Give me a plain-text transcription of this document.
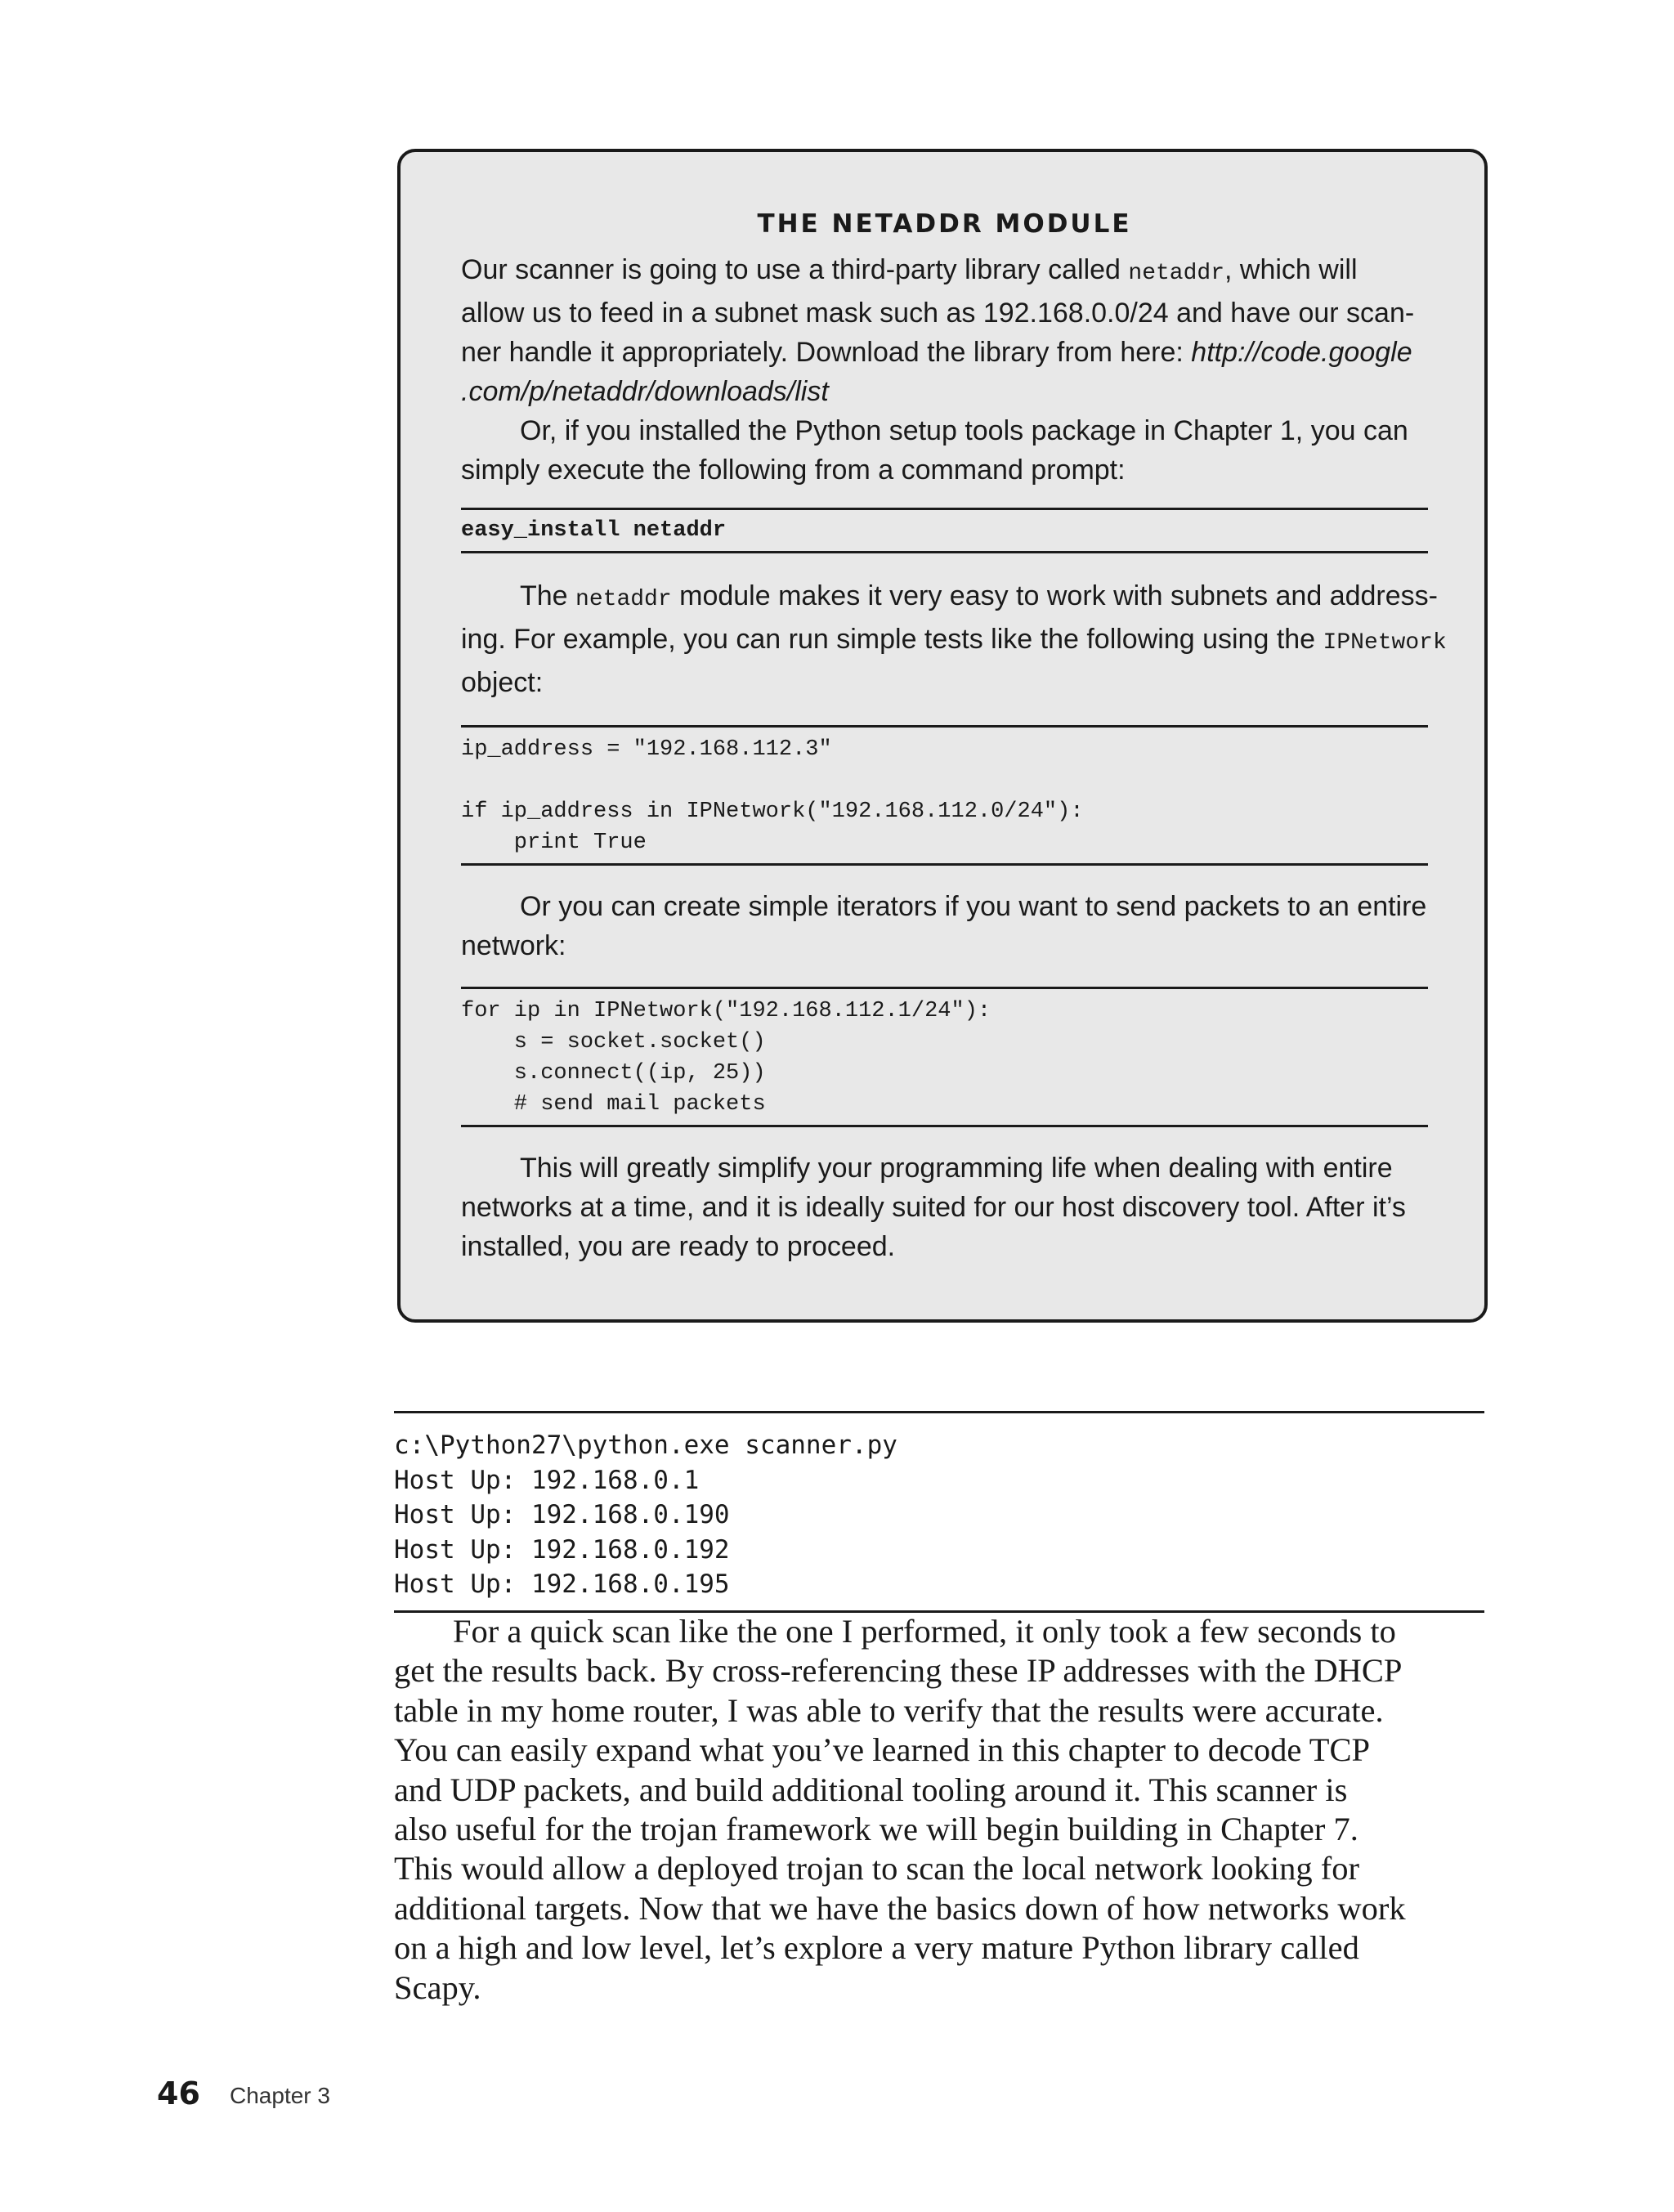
THE NETADDR MODULE

Our scanner is going to use a third-party library called netaddr, which will

allow us to feed in a subnet mask such as 192.168.0.0/24 and have our scan-

ner handle it appropriately. Download the library from here: http://code.google

.com/p/netaddr/downloads/list

Or, if you installed the Python setup tools package in Chapter 1, you can

simply execute the following from a command prompt:

easy_install netaddr

The netaddr module makes it very easy to work with subnets and address-

ing. For example, you can run simple tests like the following using the IPNetwork

object:

ip_address = "192.168.112.3"

if ip_address in IPNetwork("192.168.112.0/24"):
print True

Or you can create simple iterators if you want to send packets to an entire

network:

for ip in IPNetwork("192.168.112.1/24"):
s = socket.socket()
s.connect((ip, 25))
# send mail packets

This will greatly simplify your programming life when dealing with entire

networks at a time, and it is ideally suited for our host discovery tool. After it’s

installed, you are ready to proceed.

c:\Python27\python.exe scanner.py
Host Up: 192.168.0.1
Host Up: 192.168.0.190
Host Up: 192.168.0.192
Host Up: 192.168.0.195

For a quick scan like the one I performed, it only took a few seconds to
get the results back. By cross-referencing these IP addresses with the DHCP
table in my home router, I was able to verify that the results were accurate.
You can easily expand what you’ve learned in this chapter to decode TCP
and UDP packets, and build additional tooling around it. This scanner is
also useful for the trojan framework we will begin building in Chapter 7.
This would allow a deployed trojan to scan the local network looking for
additional targets. Now that we have the basics down of how networks work
on a high and low level, let’s explore a very mature Python library called
Scapy.

46 Chapter 3
